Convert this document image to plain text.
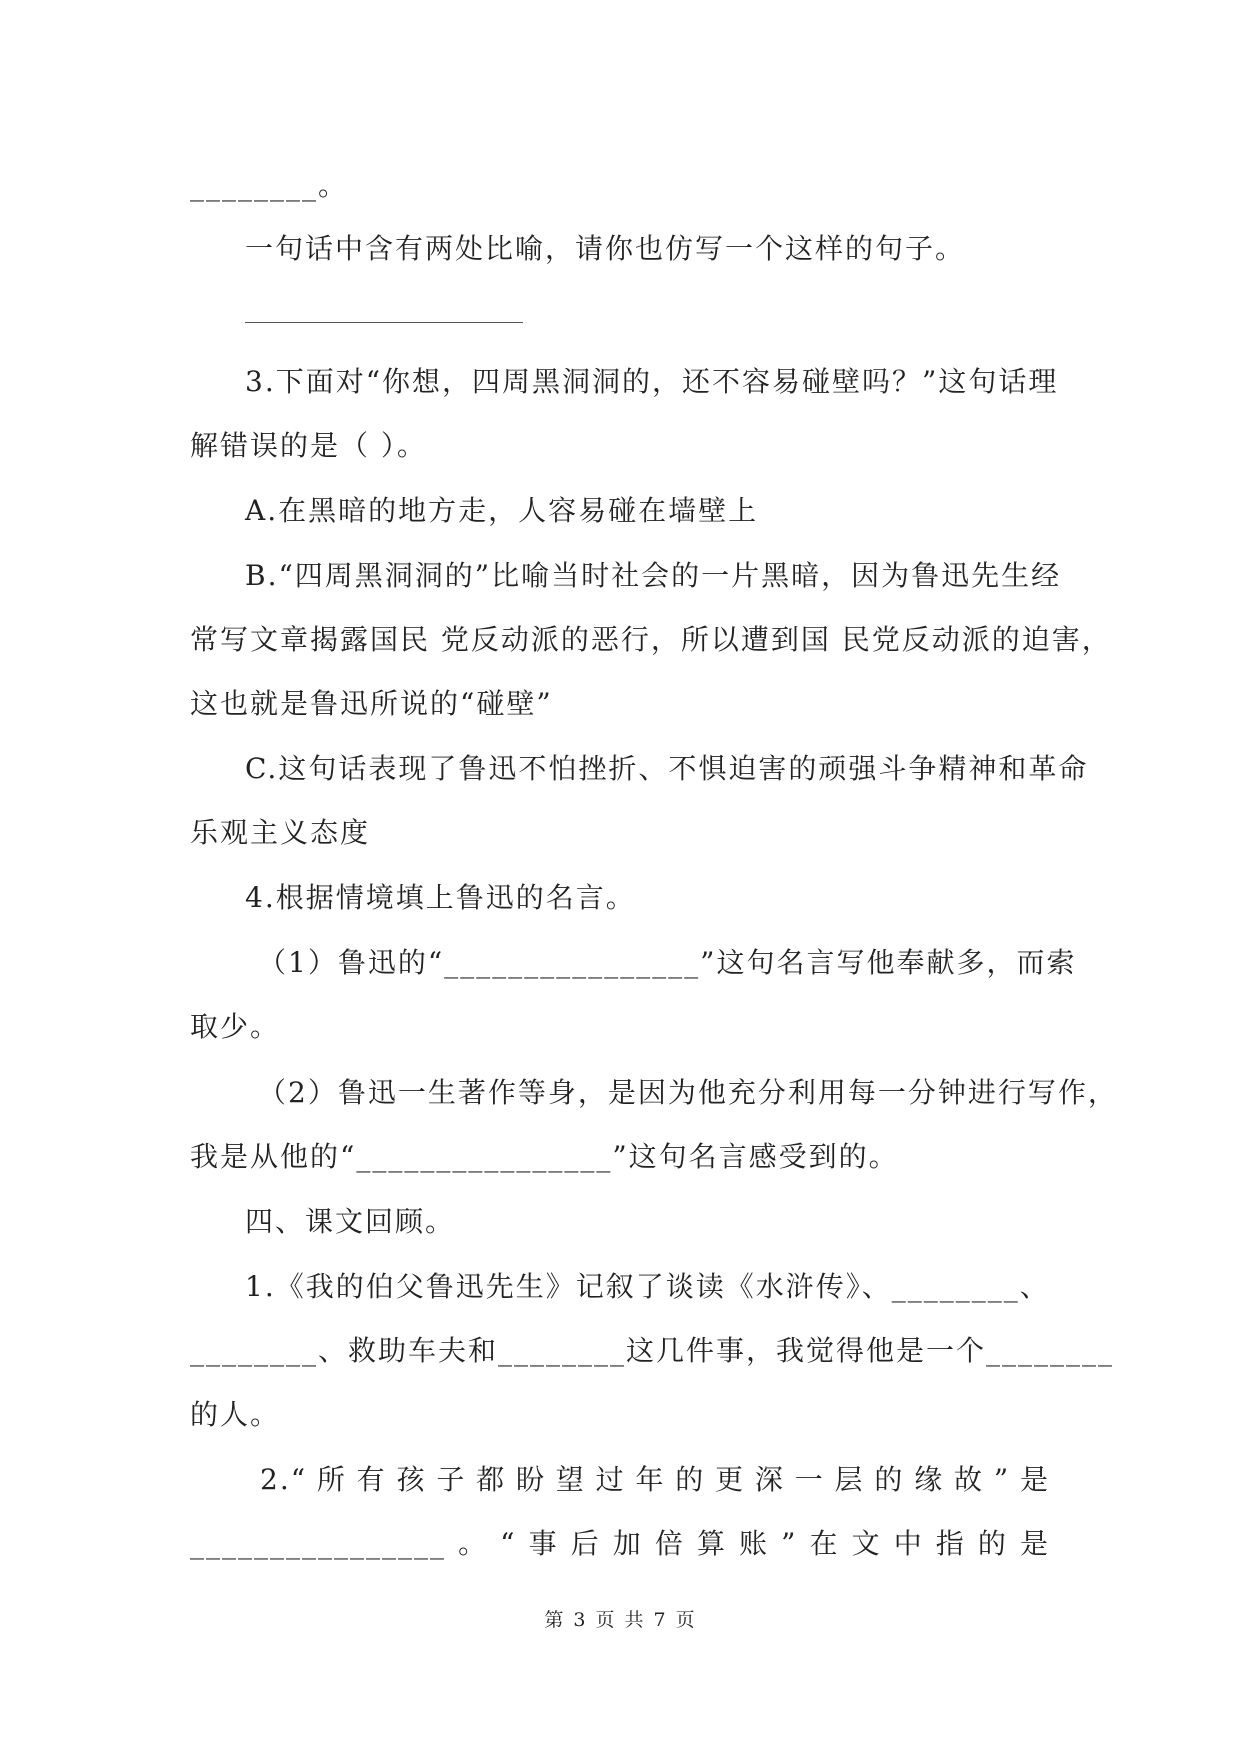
________。
一句话中含有两处比喻，请你也仿写一个这样的句子。
3.下面对“你想，四周黑洞洞的，还不容易碰壁吗？”这句话理
解错误的是（ ）。
A.在黑暗的地方走，人容易碰在墙壁上
B.“四周黑洞洞的”比喻当时社会的一片黑暗，因为鲁迅先生经
常写文章揭露国民 党反动派的恶行，所以遭到国 民党反动派的迫害，
这也就是鲁迅所说的“碰壁”
C.这句话表现了鲁迅不怕挫折、不惧迫害的顽强斗争精神和革命
乐观主义态度
4.根据情境填上鲁迅的名言。
（1）鲁迅的“________________”这句名言写他奉献多，而索
取少。
（2）鲁迅一生著作等身，是因为他充分利用每一分钟进行写作，
我是从他的“________________”这句名言感受到的。
四、课文回顾。
1.《我的伯父鲁迅先生》记叙了谈读《水浒传》、________、
________、救助车夫和________这几件事，我觉得他是一个________
的人。
2.“所有孩子都盼望过年的更深一层的缘故”是
________________。“事后加倍算账”在文中指的是
第 3 页 共 7 页
